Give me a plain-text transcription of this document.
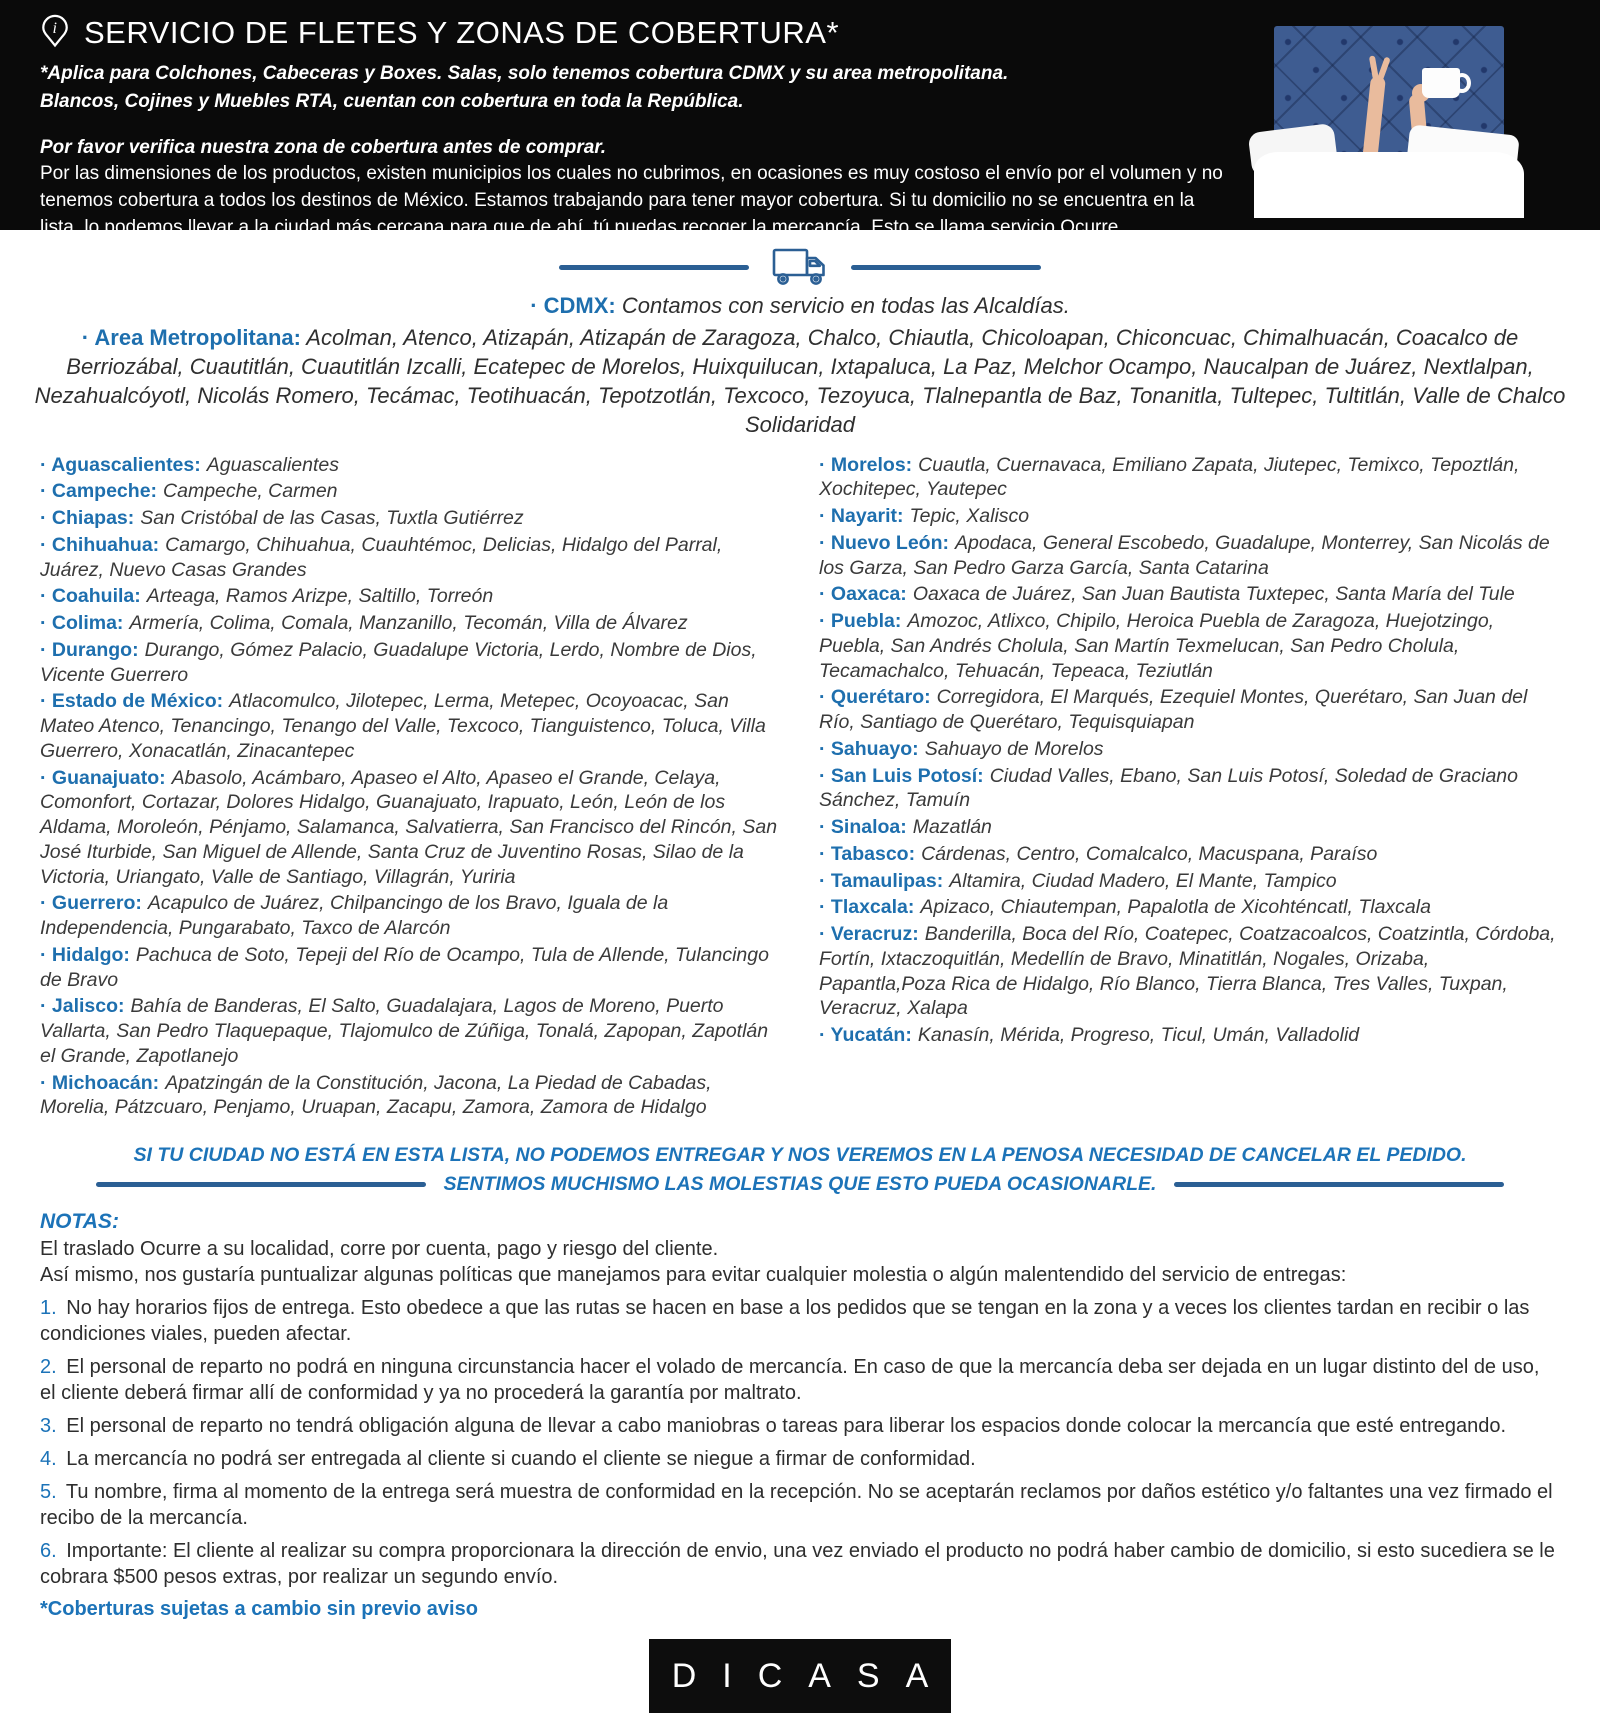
i SERVICIO DE FLETES Y ZONAS DE COBERTURA*
*Aplica para Colchones, Cabeceras y Boxes. Salas, solo tenemos cobertura CDMX y su area metropolitana.
Blancos, Cojines y Muebles RTA, cuentan con cobertura en toda la República.
Por favor verifica nuestra zona de cobertura antes de comprar.
Por las dimensiones de los productos, existen municipios los cuales no cubrimos, en ocasiones es muy costoso el envío por el volumen y no tenemos cobertura a todos los destinos de México. Estamos trabajando para tener mayor cobertura. Si tu domicilio no se encuentra en la lista, lo podemos llevar a la ciudad más cercana para que de ahí, tú puedas recoger la mercancía. Esto se llama servicio Ocurre.
· CDMX: Contamos con servicio en todas las Alcaldías.
· Area Metropolitana: Acolman, Atenco, Atizapán, Atizapán de Zaragoza, Chalco, Chiautla, Chicoloapan, Chiconcuac, Chimalhuacán, Coacalco de Berriozábal, Cuautitlán, Cuautitlán Izcalli, Ecatepec de Morelos, Huixquilucan, Ixtapaluca, La Paz, Melchor Ocampo, Naucalpan de Juárez, Nextlalpan, Nezahualcóyotl, Nicolás Romero, Tecámac, Teotihuacán, Tepotzotlán, Texcoco, Tezoyuca, Tlalnepantla de Baz, Tonanitla, Tultepec, Tultitlán, Valle de Chalco Solidaridad

· Aguascalientes: Aguascalientes

· Campeche: Campeche, Carmen

· Chiapas: San Cristóbal de las Casas, Tuxtla Gutiérrez

· Chihuahua: Camargo, Chihuahua, Cuauhtémoc, Delicias, Hidalgo del Parral, Juárez, Nuevo Casas Grandes

· Coahuila: Arteaga, Ramos Arizpe, Saltillo, Torreón

· Colima: Armería, Colima, Comala, Manzanillo, Tecomán, Villa de Álvarez

· Durango: Durango, Gómez Palacio, Guadalupe Victoria, Lerdo, Nombre de Dios, Vicente Guerrero

· Estado de México: Atlacomulco, Jilotepec, Lerma, Metepec, Ocoyoacac, San Mateo Atenco, Tenancingo, Tenango del Valle, Texcoco, Tianguistenco, Toluca, Villa Guerrero, Xonacatlán, Zinacantepec

· Guanajuato: Abasolo, Acámbaro, Apaseo el Alto, Apaseo el Grande, Celaya, Comonfort, Cortazar, Dolores Hidalgo, Guanajuato, Irapuato, León, León de los Aldama, Moroleón, Pénjamo, Salamanca, Salvatierra, San Francisco del Rincón, San José Iturbide, San Miguel de Allende, Santa Cruz de Juventino Rosas, Silao de la Victoria, Uriangato, Valle de Santiago, Villagrán, Yuriria

· Guerrero: Acapulco de Juárez, Chilpancingo de los Bravo, Iguala de la Independencia, Pungarabato, Taxco de Alarcón

· Hidalgo: Pachuca de Soto, Tepeji del Río de Ocampo, Tula de Allende, Tulancingo de Bravo

· Jalisco: Bahía de Banderas, El Salto, Guadalajara, Lagos de Moreno, Puerto Vallarta, San Pedro Tlaquepaque, Tlajomulco de Zúñiga, Tonalá, Zapopan, Zapotlán el Grande, Zapotlanejo

· Michoacán: Apatzingán de la Constitución, Jacona, La Piedad de Cabadas, Morelia, Pátzcuaro, Penjamo, Uruapan, Zacapu, Zamora, Zamora de Hidalgo

· Morelos: Cuautla, Cuernavaca, Emiliano Zapata, Jiutepec, Temixco, Tepoztlán, Xochitepec, Yautepec

· Nayarit: Tepic, Xalisco

· Nuevo León: Apodaca, General Escobedo, Guadalupe, Monterrey, San Nicolás de los Garza, San Pedro Garza García, Santa Catarina

· Oaxaca: Oaxaca de Juárez, San Juan Bautista Tuxtepec, Santa María del Tule

· Puebla: Amozoc, Atlixco, Chipilo, Heroica Puebla de Zaragoza, Huejotzingo, Puebla, San Andrés Cholula, San Martín Texmelucan, San Pedro Cholula, Tecamachalco, Tehuacán, Tepeaca, Teziutlán

· Querétaro: Corregidora, El Marqués, Ezequiel Montes, Querétaro, San Juan del Río, Santiago de Querétaro, Tequisquiapan

· Sahuayo: Sahuayo de Morelos

· San Luis Potosí: Ciudad Valles, Ebano, San Luis Potosí, Soledad de Graciano Sánchez, Tamuín

· Sinaloa: Mazatlán

· Tabasco: Cárdenas, Centro, Comalcalco, Macuspana, Paraíso

· Tamaulipas: Altamira, Ciudad Madero, El Mante, Tampico

· Tlaxcala: Apizaco, Chiautempan, Papalotla de Xicohténcatl, Tlaxcala

· Veracruz: Banderilla, Boca del Río, Coatepec, Coatzacoalcos, Coatzintla, Córdoba, Fortín, Ixtaczoquitlán, Medellín de Bravo, Minatitlán, Nogales, Orizaba, Papantla,Poza Rica de Hidalgo, Río Blanco, Tierra Blanca, Tres Valles, Tuxpan, Veracruz, Xalapa

· Yucatán: Kanasín, Mérida, Progreso, Ticul, Umán, Valladolid

SI TU CIUDAD NO ESTÁ EN ESTA LISTA, NO PODEMOS ENTREGAR Y NOS VEREMOS EN LA PENOSA NECESIDAD DE CANCELAR EL PEDIDO.
SENTIMOS MUCHISMO LAS MOLESTIAS QUE ESTO PUEDA OCASIONARLE.
NOTAS:

El traslado Ocurre a su localidad, corre por cuenta, pago y riesgo del cliente.

Así mismo, nos gustaría puntualizar algunas políticas que manejamos para evitar cualquier molestia o algún malentendido del servicio de entregas:

1. No hay horarios fijos de entrega. Esto obedece a que las rutas se hacen en base a los pedidos que se tengan en la zona y a veces los clientes tardan en recibir o las condiciones viales, pueden afectar.

2. El personal de reparto no podrá en ninguna circunstancia hacer el volado de mercancía. En caso de que la mercancía deba ser dejada en un lugar distinto del de uso, el cliente deberá firmar allí de conformidad y ya no procederá la garantía por maltrato.

3. El personal de reparto no tendrá obligación alguna de llevar a cabo maniobras o tareas para liberar los espacios donde colocar la mercancía que esté entregando.

4. La mercancía no podrá ser entregada al cliente si cuando el cliente se niegue a firmar de conformidad.

5. Tu nombre, firma al momento de la entrega será muestra de conformidad en la recepción. No se aceptarán reclamos por daños estético y/o faltantes una vez firmado el recibo de la mercancía.

6. Importante: El cliente al realizar su compra proporcionara la dirección de envio, una vez enviado el producto no podrá haber cambio de domicilio, si esto sucediera se le cobrara $500 pesos extras, por realizar un segundo envío.

*Coberturas sujetas a cambio sin previo aviso
DICASA
